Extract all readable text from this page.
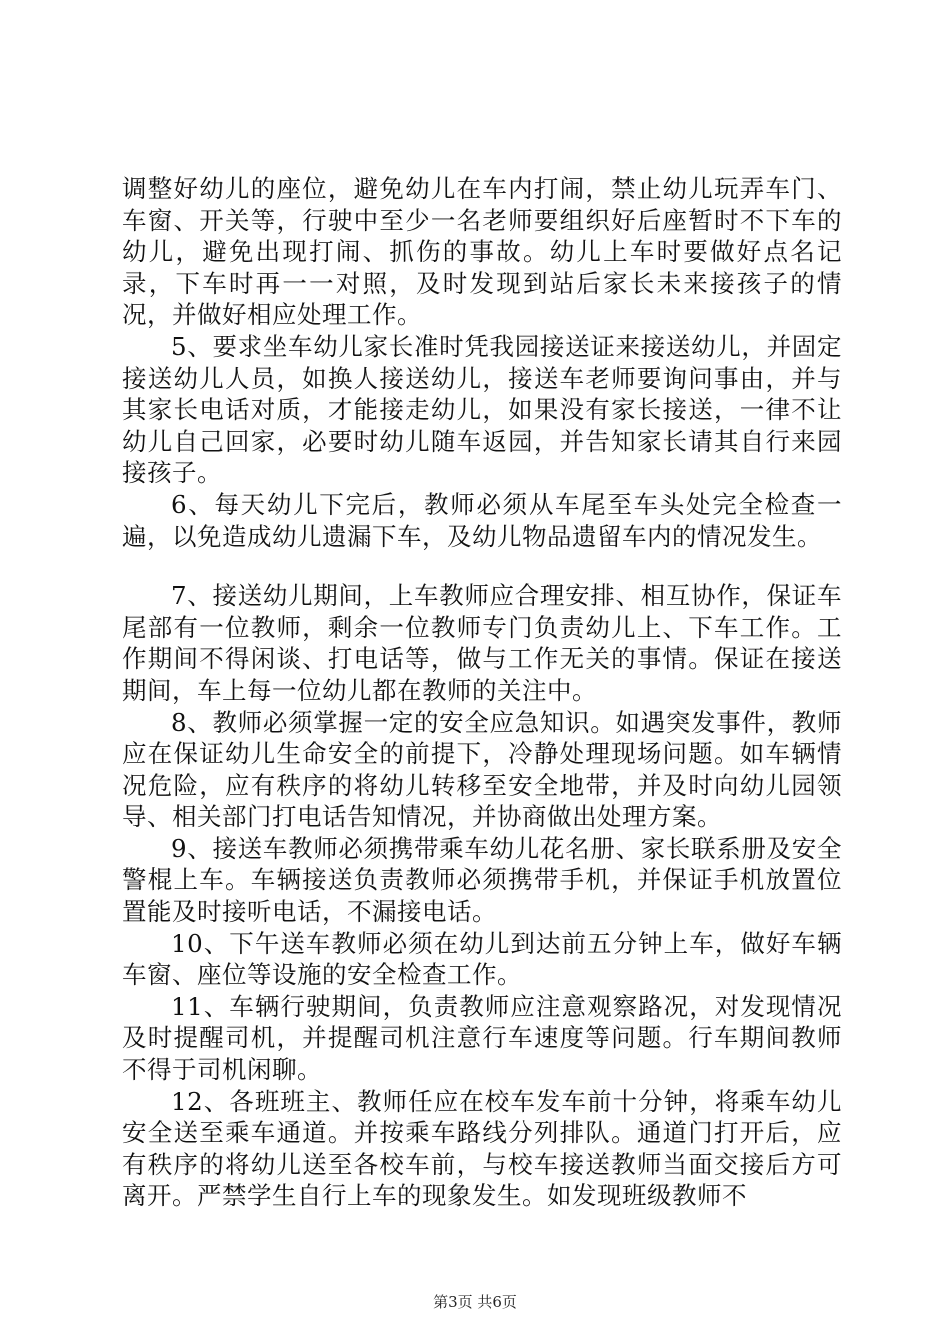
调整好幼儿的座位，避免幼儿在车内打闹，禁止幼儿玩弄车门、车窗、开关等，行驶中至少一名老师要组织好后座暂时不下车的幼儿，避免出现打闹、抓伤的事故。幼儿上车时要做好点名记录，下车时再一一对照，及时发现到站后家长未来接孩子的情况，并做好相应处理工作。

5、要求坐车幼儿家长准时凭我园接送证来接送幼儿，并固定接送幼儿人员，如换人接送幼儿，接送车老师要询问事由，并与其家长电话对质，才能接走幼儿，如果没有家长接送，一律不让幼儿自己回家，必要时幼儿随车返园，并告知家长请其自行来园接孩子。

6、每天幼儿下完后，教师必须从车尾至车头处完全检查一遍，以免造成幼儿遗漏下车，及幼儿物品遗留车内的情况发生。

7、接送幼儿期间，上车教师应合理安排、相互协作，保证车尾部有一位教师，剩余一位教师专门负责幼儿上、下车工作。工作期间不得闲谈、打电话等，做与工作无关的事情。保证在接送期间，车上每一位幼儿都在教师的关注中。

8、教师必须掌握一定的安全应急知识。如遇突发事件，教师应在保证幼儿生命安全的前提下，冷静处理现场问题。如车辆情况危险，应有秩序的将幼儿转移至安全地带，并及时向幼儿园领导、相关部门打电话告知情况，并协商做出处理方案。

9、接送车教师必须携带乘车幼儿花名册、家长联系册及安全警棍上车。车辆接送负责教师必须携带手机，并保证手机放置位置能及时接听电话，不漏接电话。

10、下午送车教师必须在幼儿到达前五分钟上车，做好车辆车窗、座位等设施的安全检查工作。

11、车辆行驶期间，负责教师应注意观察路况，对发现情况及时提醒司机，并提醒司机注意行车速度等问题。行车期间教师不得于司机闲聊。

12、各班班主、教师任应在校车发车前十分钟，将乘车幼儿安全送至乘车通道。并按乘车路线分列排队。通道门打开后，应有秩序的将幼儿送至各校车前，与校车接送教师当面交接后方可离开。严禁学生自行上车的现象发生。如发现班级教师不

第3页 共6页
